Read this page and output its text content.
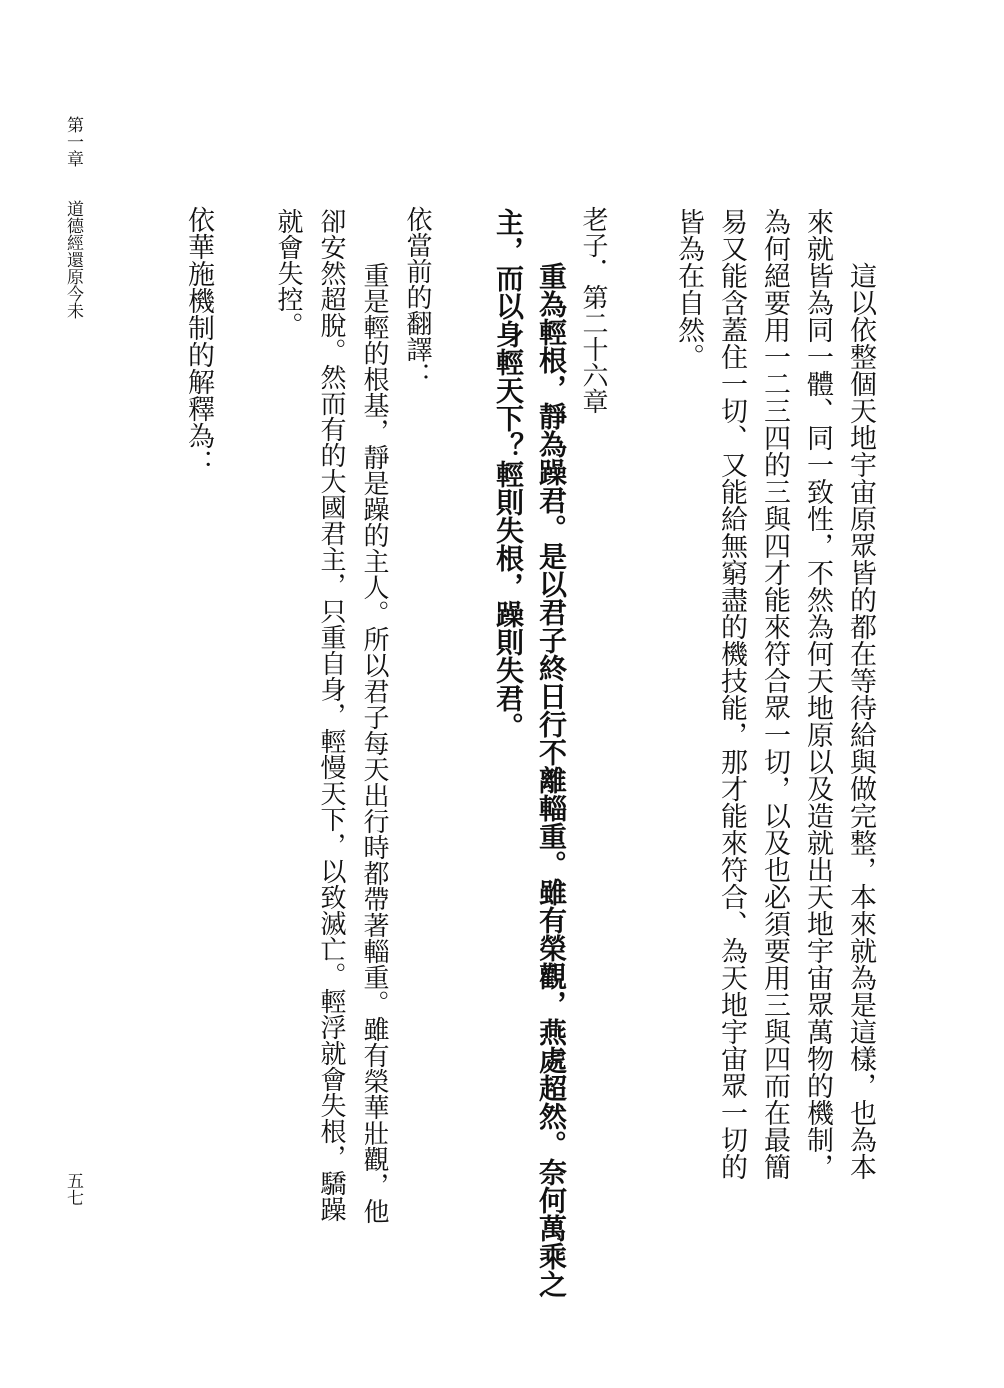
第一章
道德經還原今未
五七
這以依整個天地宇宙原眾皆的都在等待給與做完整，本來就為是這樣，也為本
來就皆為同一體、同一致性，不然為何天地原以及造就出天地宇宙眾萬物的機制，
為何絕要用一二三四的三與四才能來符合眾一切，以及也必須要用三與四而在最簡
易又能含蓋住一切、又能給無窮盡的機技能，那才能來符合、為天地宇宙眾一切的
皆為在自然。
老子．第二十六章
重為輕根，靜為躁君。是以君子終日行不離輜重。雖有榮觀，燕處超然。奈何萬乘之
主，而以身輕天下？輕則失根，躁則失君。
依當前的翻譯：
重是輕的根基，靜是躁的主人。所以君子每天出行時都帶著輜重。雖有榮華壯觀，他
卻安然超脫。然而有的大國君主，只重自身，輕慢天下，以致滅亡。輕浮就會失根，驕躁
就會失控。
依華施機制的解釋為：
